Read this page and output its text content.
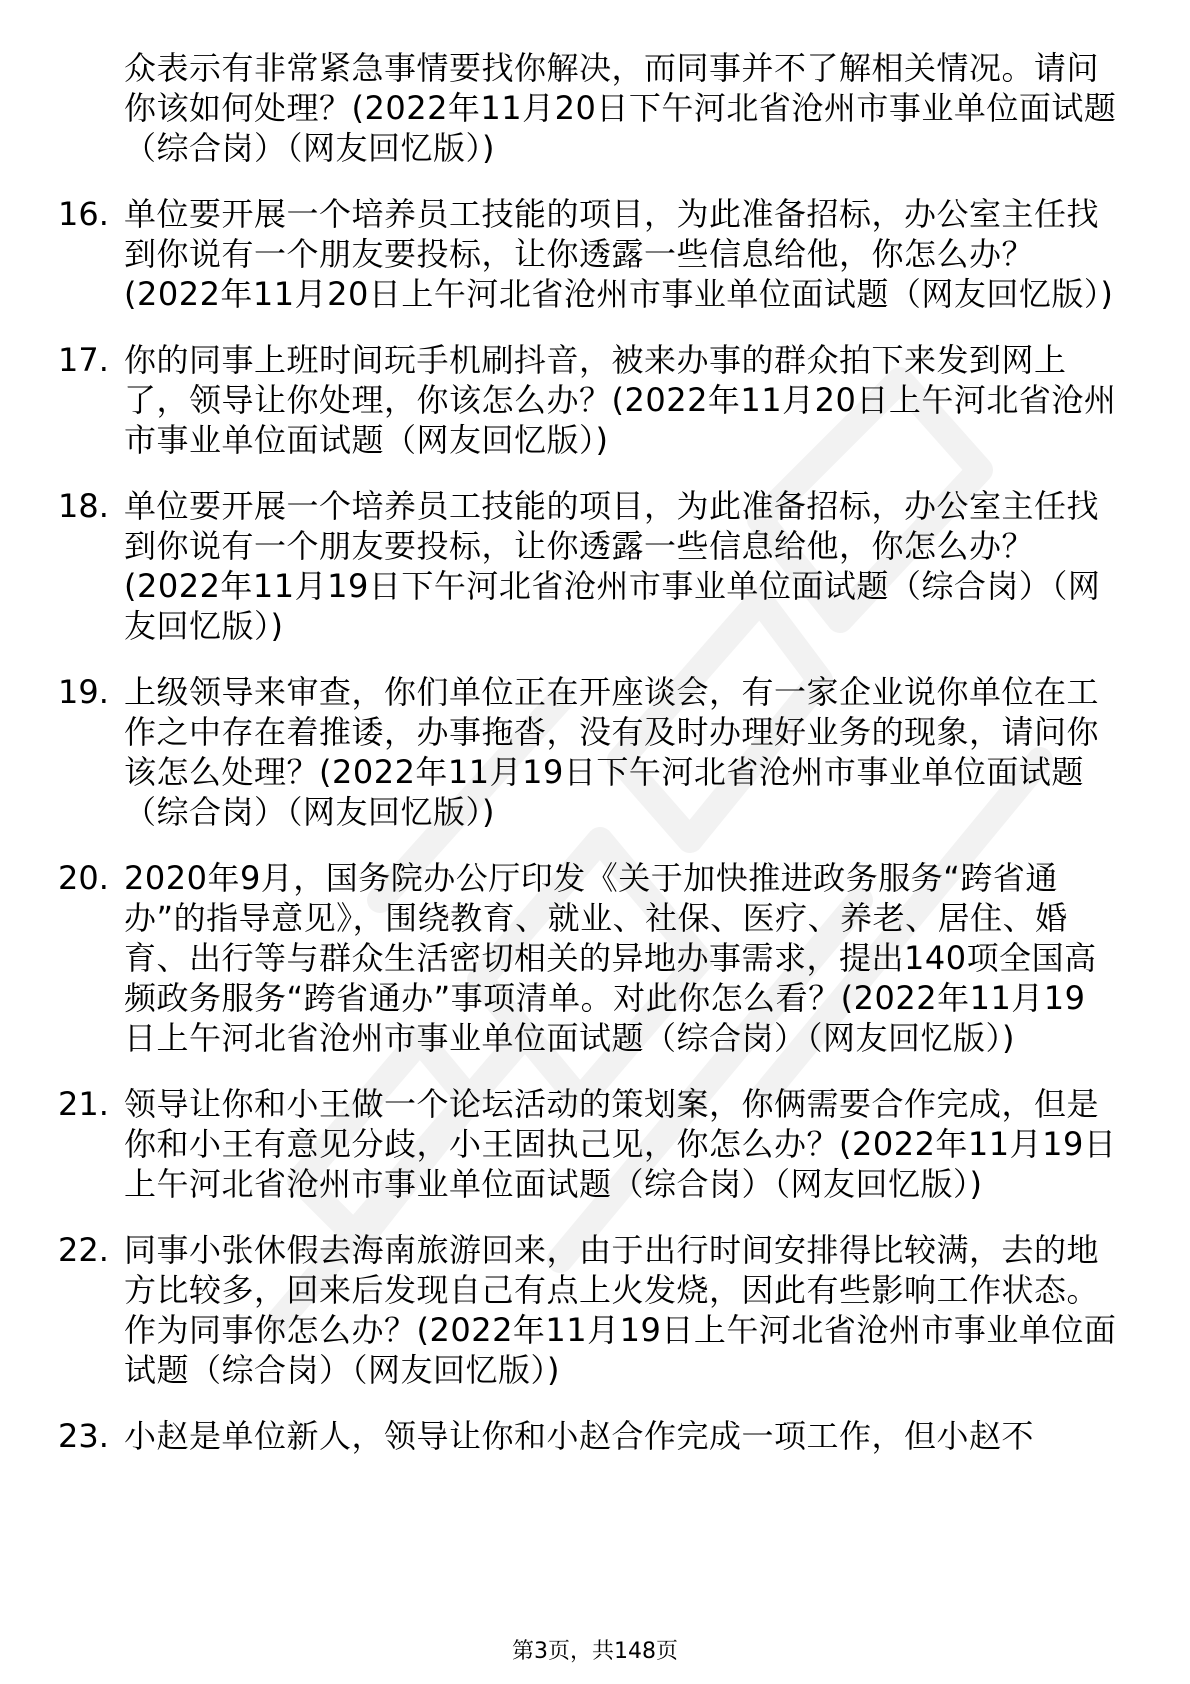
众表示有非常紧急事情要找你解决，而同事并不了解相关情况。请问你该如何处理？(2022年11月20日下午河北省沧州市事业单位面试题（综合岗）（网友回忆版）)
16. 单位要开展一个培养员工技能的项目，为此准备招标，办公室主任找到你说有一个朋友要投标，让你透露一些信息给他，你怎么办？(2022年11月20日上午河北省沧州市事业单位面试题（网友回忆版）)
17. 你的同事上班时间玩手机刷抖音，被来办事的群众拍下来发到网上了，领导让你处理，你该怎么办？(2022年11月20日上午河北省沧州市事业单位面试题（网友回忆版）)
18. 单位要开展一个培养员工技能的项目，为此准备招标，办公室主任找到你说有一个朋友要投标，让你透露一些信息给他，你怎么办？(2022年11月19日下午河北省沧州市事业单位面试题（综合岗）（网友回忆版）)
19. 上级领导来审查，你们单位正在开座谈会，有一家企业说你单位在工作之中存在着推诿，办事拖沓，没有及时办理好业务的现象，请问你该怎么处理？(2022年11月19日下午河北省沧州市事业单位面试题（综合岗）（网友回忆版）)
20. 2020年9月，国务院办公厅印发《关于加快推进政务服务“跨省通办”的指导意见》，围绕教育、就业、社保、医疗、养老、居住、婚育、出行等与群众生活密切相关的异地办事需求，提出140项全国高频政务服务“跨省通办”事项清单。对此你怎么看？(2022年11月19日上午河北省沧州市事业单位面试题（综合岗）（网友回忆版）)
21. 领导让你和小王做一个论坛活动的策划案，你俩需要合作完成，但是你和小王有意见分歧，小王固执己见，你怎么办？(2022年11月19日上午河北省沧州市事业单位面试题（综合岗）（网友回忆版）)
22. 同事小张休假去海南旅游回来，由于出行时间安排得比较满，去的地方比较多，回来后发现自己有点上火发烧，因此有些影响工作状态。作为同事你怎么办？(2022年11月19日上午河北省沧州市事业单位面试题（综合岗）（网友回忆版）)
23. 小赵是单位新人，领导让你和小赵合作完成一项工作，但小赵不
第3页，共148页
